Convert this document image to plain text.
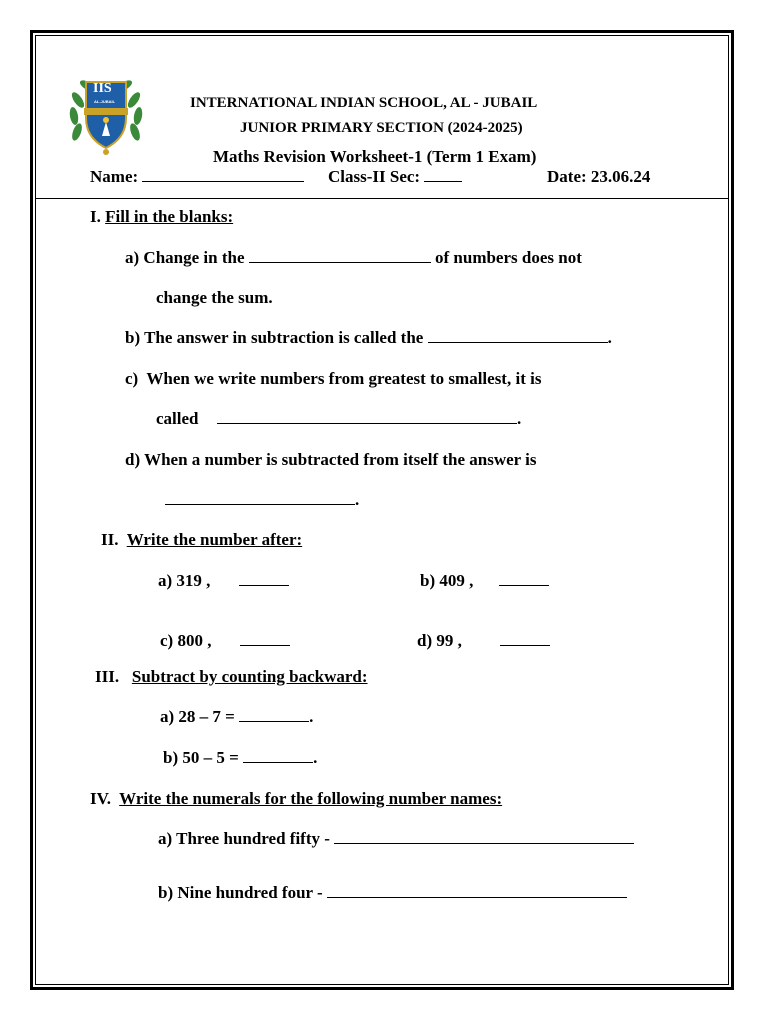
IIS
AL-JUBAIL	INTERNATIONAL INDIAN SCHOOL, AL - JUBAIL
JUNIOR PRIMARY SECTION (2024-2025)
Maths Revision Worksheet-1 (Term 1 Exam)
Name:	Class-II Sec:	Date: 23.06.24
I. Fill in the blanks:
a) Change in the	of numbers does not
change the sum.
b) The answer in subtraction is called the	.
c) When we write numbers from greatest to smallest, it is
called	.
d) When a number is subtracted from itself the answer is
.
II. Write the number after:
a) 319 ,	b) 409 ,
c) 800 ,	d) 99 ,
III. Subtract by counting backward:
a) 28 – 7 =	.
b) 50 – 5 =	.
IV. Write the numerals for the following number names:
a) Three hundred fifty -
b) Nine hundred four -
